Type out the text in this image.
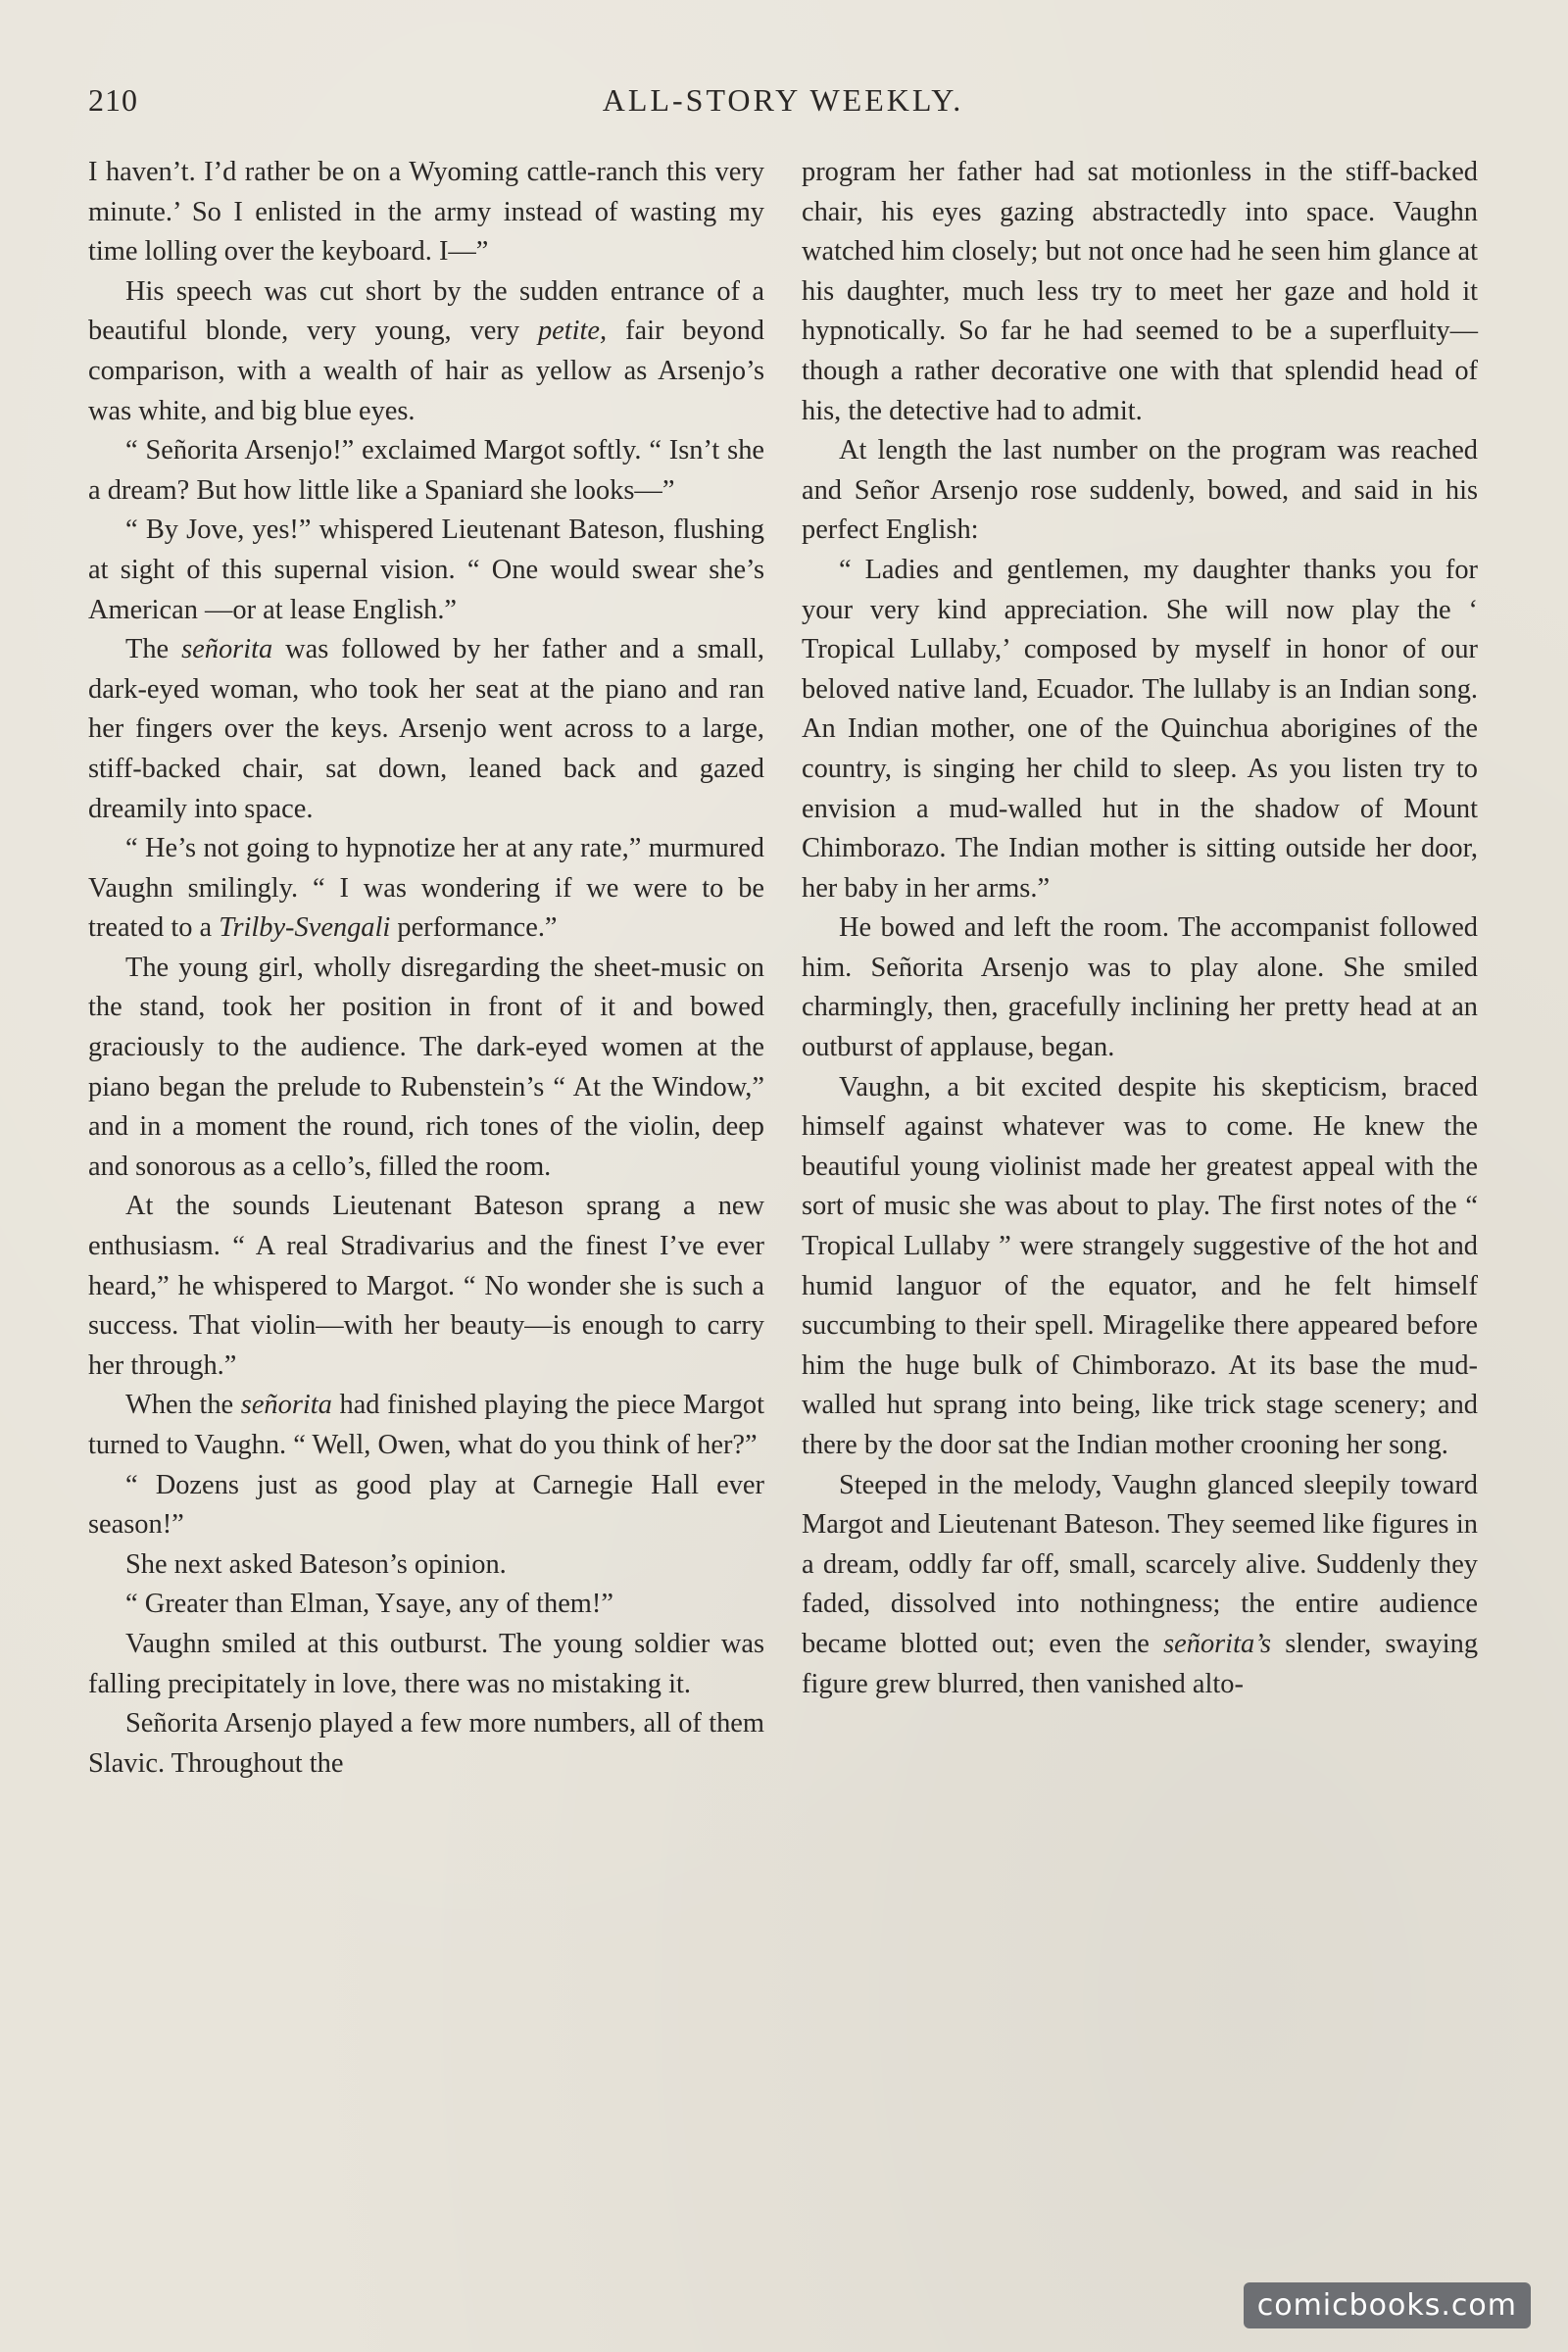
210	ALL-STORY WEEKLY.

I haven’t. I’d rather be on a Wyoming cattle-ranch this very minute.’ So I enlisted in the army instead of wasting my time lolling over the keyboard. I—”

His speech was cut short by the sudden entrance of a beautiful blonde, very young, very petite, fair beyond comparison, with a wealth of hair as yellow as Arsenjo’s was white, and big blue eyes.

“ Señorita Arsenjo!” exclaimed Margot softly. “ Isn’t she a dream? But how little like a Spaniard she looks—”

“ By Jove, yes!” whispered Lieutenant Bateson, flushing at sight of this supernal vision. “ One would swear she’s American —or at lease English.”

The señorita was followed by her father and a small, dark-eyed woman, who took her seat at the piano and ran her fingers over the keys. Arsenjo went across to a large, stiff-backed chair, sat down, leaned back and gazed dreamily into space.

“ He’s not going to hypnotize her at any rate,” murmured Vaughn smilingly. “ I was wondering if we were to be treated to a Trilby-Svengali performance.”

The young girl, wholly disregarding the sheet-music on the stand, took her position in front of it and bowed graciously to the audience. The dark-eyed women at the piano began the prelude to Rubenstein’s “ At the Window,” and in a moment the round, rich tones of the violin, deep and sonorous as a cello’s, filled the room.

At the sounds Lieutenant Bateson sprang a new enthusiasm. “ A real Stradivarius and the finest I’ve ever heard,” he whispered to Margot. “ No wonder she is such a success. That violin—with her beauty—is enough to carry her through.”

When the señorita had finished playing the piece Margot turned to Vaughn. “ Well, Owen, what do you think of her?”

“ Dozens just as good play at Carnegie Hall ever season!”

She next asked Bateson’s opinion.

“ Greater than Elman, Ysaye, any of them!”

Vaughn smiled at this outburst. The young soldier was falling precipitately in love, there was no mistaking it.

Señorita Arsenjo played a few more numbers, all of them Slavic. Throughout the

program her father had sat motionless in the stiff-backed chair, his eyes gazing abstractedly into space. Vaughn watched him closely; but not once had he seen him glance at his daughter, much less try to meet her gaze and hold it hypnotically. So far he had seemed to be a superfluity—though a rather decorative one with that splendid head of his, the detective had to admit.

At length the last number on the program was reached and Señor Arsenjo rose suddenly, bowed, and said in his perfect English:

“ Ladies and gentlemen, my daughter thanks you for your very kind appreciation. She will now play the ‘ Tropical Lullaby,’ composed by myself in honor of our beloved native land, Ecuador. The lullaby is an Indian song. An Indian mother, one of the Quinchua aborigines of the country, is singing her child to sleep. As you listen try to envision a mud-walled hut in the shadow of Mount Chimborazo. The Indian mother is sitting outside her door, her baby in her arms.”

He bowed and left the room. The accompanist followed him. Señorita Arsenjo was to play alone. She smiled charmingly, then, gracefully inclining her pretty head at an outburst of applause, began.

Vaughn, a bit excited despite his skepticism, braced himself against whatever was to come. He knew the beautiful young violinist made her greatest appeal with the sort of music she was about to play. The first notes of the “ Tropical Lullaby ” were strangely suggestive of the hot and humid languor of the equator, and he felt himself succumbing to their spell. Miragelike there appeared before him the huge bulk of Chimborazo. At its base the mud-walled hut sprang into being, like trick stage scenery; and there by the door sat the Indian mother crooning her song.

Steeped in the melody, Vaughn glanced sleepily toward Margot and Lieutenant Bateson. They seemed like figures in a dream, oddly far off, small, scarcely alive. Suddenly they faded, dissolved into nothingness; the entire audience became blotted out; even the señorita’s slender, swaying figure grew blurred, then vanished alto-

comicbooks.com
